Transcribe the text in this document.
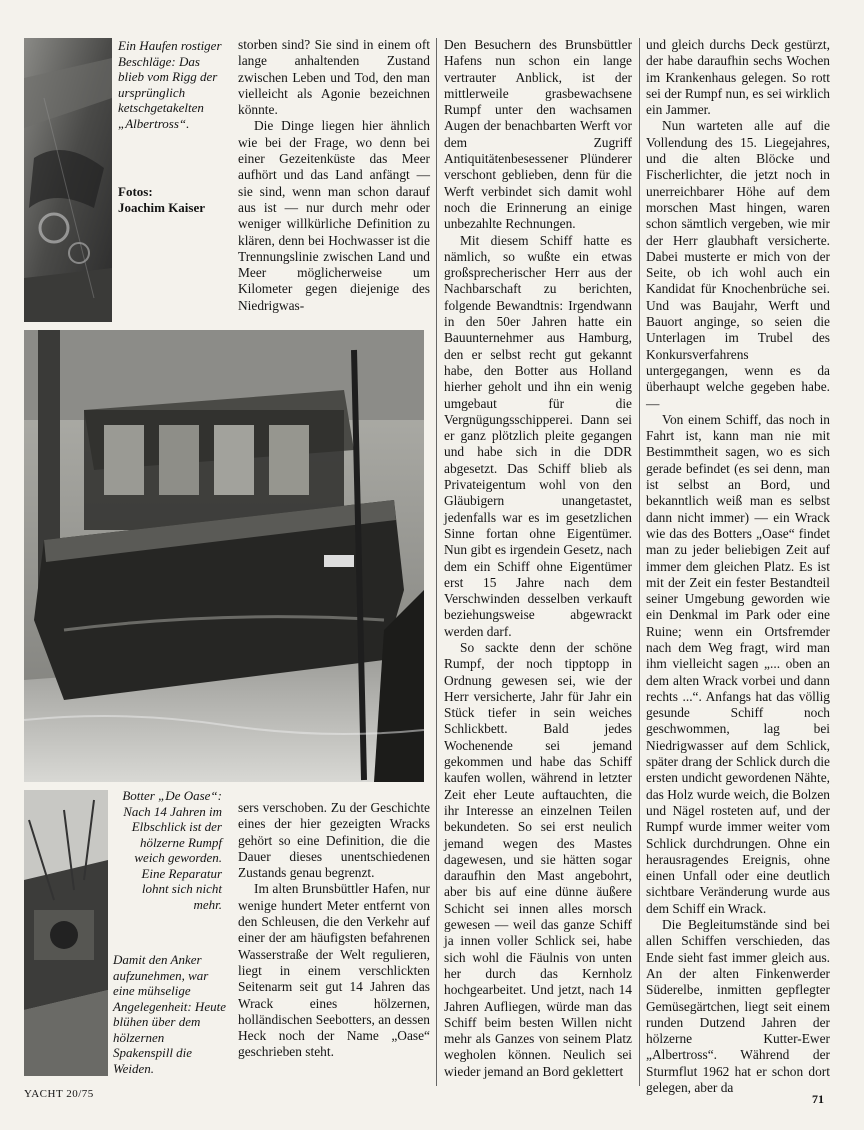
Ein Haufen rostiger Beschläge: Das blieb vom Rigg der ursprünglich ketschgetakelten „Albertross“.
Fotos:
Joachim Kaiser

storben sind? Sie sind in einem oft lange anhaltenden Zustand zwischen Leben und Tod, den man vielleicht als Agonie bezeichnen könnte.

Die Dinge liegen hier ähnlich wie bei der Frage, wo denn bei einer Gezeitenküste das Meer aufhört und das Land anfängt — sie sind, wenn man schon darauf aus ist — nur durch mehr oder weniger willkürliche Definition zu klären, denn bei Hochwasser ist die Trennungslinie zwischen Land und Meer möglicherweise um Kilometer gegen diejenige des Niedrigwas-

Botter „De Oase“: Nach 14 Jahren im Elbschlick ist der hölzerne Rumpf weich geworden. Eine Reparatur lohnt sich nicht mehr.
Damit den Anker aufzunehmen, war eine mühselige Angelegenheit: Heute blühen über dem hölzernen Spakenspill die Weiden.

sers verschoben. Zu der Geschichte eines der hier gezeigten Wracks gehört so eine Definition, die die Dauer dieses unentschiedenen Zustands genau begrenzt.

Im alten Brunsbüttler Hafen, nur wenige hundert Meter entfernt von den Schleusen, die den Verkehr auf einer der am häufigsten befahrenen Wasserstraße der Welt regulieren, liegt in einem verschlickten Seitenarm seit gut 14 Jahren das Wrack eines hölzernen, holländischen Seebotters, an dessen Heck noch der Name „Oase“ geschrieben steht.

Den Besuchern des Brunsbüttler Hafens nun schon ein lange vertrauter Anblick, ist der mittlerweile grasbewachsene Rumpf unter den wachsamen Augen der benachbarten Werft vor dem Zugriff Antiquitätenbesessener Plünderer verschont geblieben, denn für die Werft verbindet sich damit wohl noch die Erinnerung an einige unbezahlte Rechnungen.

Mit diesem Schiff hatte es nämlich, so wußte ein etwas großsprecherischer Herr aus der Nachbarschaft zu berichten, folgende Bewandtnis: Irgendwann in den 50er Jahren hatte ein Bauunternehmer aus Hamburg, den er selbst recht gut gekannt habe, den Botter aus Holland hierher geholt und ihn ein wenig umgebaut für die Vergnügungsschipperei. Dann sei er ganz plötzlich pleite gegangen und habe sich in die DDR abgesetzt. Das Schiff blieb als Privateigentum wohl von den Gläubigern unangetastet, jedenfalls war es im gesetzlichen Sinne fortan ohne Eigentümer. Nun gibt es irgendein Gesetz, nach dem ein Schiff ohne Eigentümer erst 15 Jahre nach dem Verschwinden desselben verkauft beziehungsweise abgewrackt werden darf.

So sackte denn der schöne Rumpf, der noch tipptopp in Ordnung gewesen sei, wie der Herr versicherte, Jahr für Jahr ein Stück tiefer in sein weiches Schlickbett. Bald jedes Wochenende sei jemand gekommen und habe das Schiff kaufen wollen, während in letzter Zeit eher Leute auftauchten, die ihr Interesse an einzelnen Teilen bekundeten. So sei erst neulich jemand wegen des Mastes dagewesen, und sie hätten sogar daraufhin den Mast angebohrt, aber bis auf eine dünne äußere Schicht sei innen alles morsch gewesen — weil das ganze Schiff ja innen voller Schlick sei, habe sich wohl die Fäulnis von unten her durch das Kernholz hochgearbeitet. Und jetzt, nach 14 Jahren Aufliegen, würde man das Schiff beim besten Willen nicht mehr als Ganzes von seinem Platz wegholen können. Neulich sei wieder jemand an Bord geklettert

und gleich durchs Deck gestürzt, der habe daraufhin sechs Wochen im Krankenhaus gelegen. So rott sei der Rumpf nun, es sei wirklich ein Jammer.

Nun warteten alle auf die Vollendung des 15. Liegejahres, und die alten Blöcke und Fischerlichter, die jetzt noch in unerreichbarer Höhe auf dem morschen Mast hingen, waren schon sämtlich vergeben, wie mir der Herr glaubhaft versicherte. Dabei musterte er mich von der Seite, ob ich wohl auch ein Kandidat für Knochenbrüche sei. Und was Baujahr, Werft und Bauort anginge, so seien die Unterlagen im Trubel des Konkursverfahrens untergegangen, wenn es da überhaupt welche gegeben habe. —

Von einem Schiff, das noch in Fahrt ist, kann man nie mit Bestimmtheit sagen, wo es sich gerade befindet (es sei denn, man ist selbst an Bord, und bekanntlich weiß man es selbst dann nicht immer) — ein Wrack wie das des Botters „Oase“ findet man zu jeder beliebigen Zeit auf immer dem gleichen Platz. Es ist mit der Zeit ein fester Bestandteil seiner Umgebung geworden wie ein Denkmal im Park oder eine Ruine; wenn ein Ortsfremder nach dem Weg fragt, wird man ihm vielleicht sagen „... oben an dem alten Wrack vorbei und dann rechts ...“. Anfangs hat das völlig gesunde Schiff noch geschwommen, lag bei Niedrigwasser auf dem Schlick, später drang der Schlick durch die ersten undicht gewordenen Nähte, das Holz wurde weich, die Bolzen und Nägel rosteten auf, und der Rumpf wurde immer weiter vom Schlick durchdrungen. Ohne ein herausragendes Ereignis, ohne einen Unfall oder eine deutlich sichtbare Veränderung wurde aus dem Schiff ein Wrack.

Die Begleitumstände sind bei allen Schiffen verschieden, das Ende sieht fast immer gleich aus. An der alten Finkenwerder Süderelbe, inmitten gepflegter Gemüsegärtchen, liegt seit einem runden Dutzend Jahren der hölzerne Kutter-Ewer „Albertross“. Während der Sturmflut 1962 hat er schon dort gelegen, aber da

YACHT 20/75	71
